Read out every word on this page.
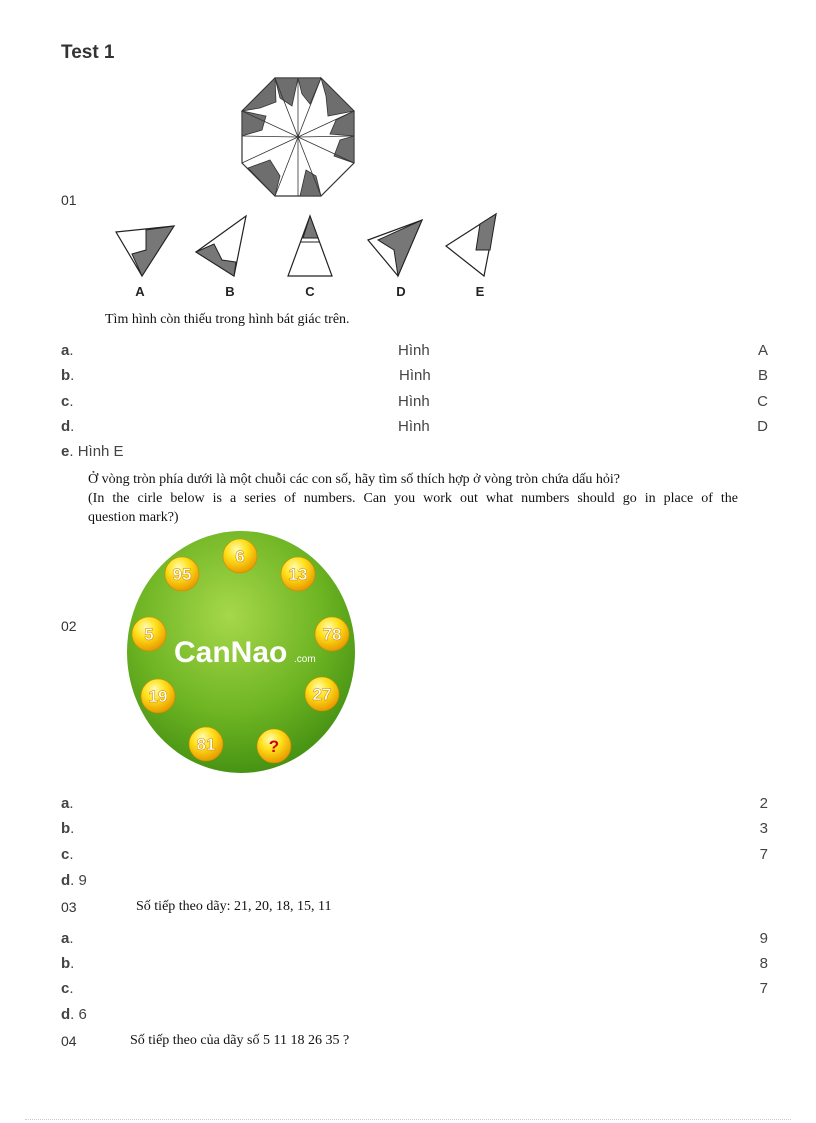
Test 1
01
A	B	C	D	E
Tìm hình còn thiếu trong hình bát giác trên.
a.	Hình	A
b.	Hình	B
c.	Hình	C
d.	Hình	D
e. Hình E
Ở vòng tròn phía dưới là một chuỗi các con số, hãy tìm số thích hợp ở vòng tròn chứa dấu hỏi?
(In the cirle below is a series of numbers. Can you work out what numbers should go in place of the
question mark?)
02
6
13
78
27
?
81
19
5
95
CanNao .com
a.	2
b.	3
c.	7
d. 9
03	Số tiếp theo dãy: 21, 20, 18, 15, 11
a.	9
b.	8
c.	7
d. 6
04	Số tiếp theo của dãy số 5 11 18 26 35 ?
